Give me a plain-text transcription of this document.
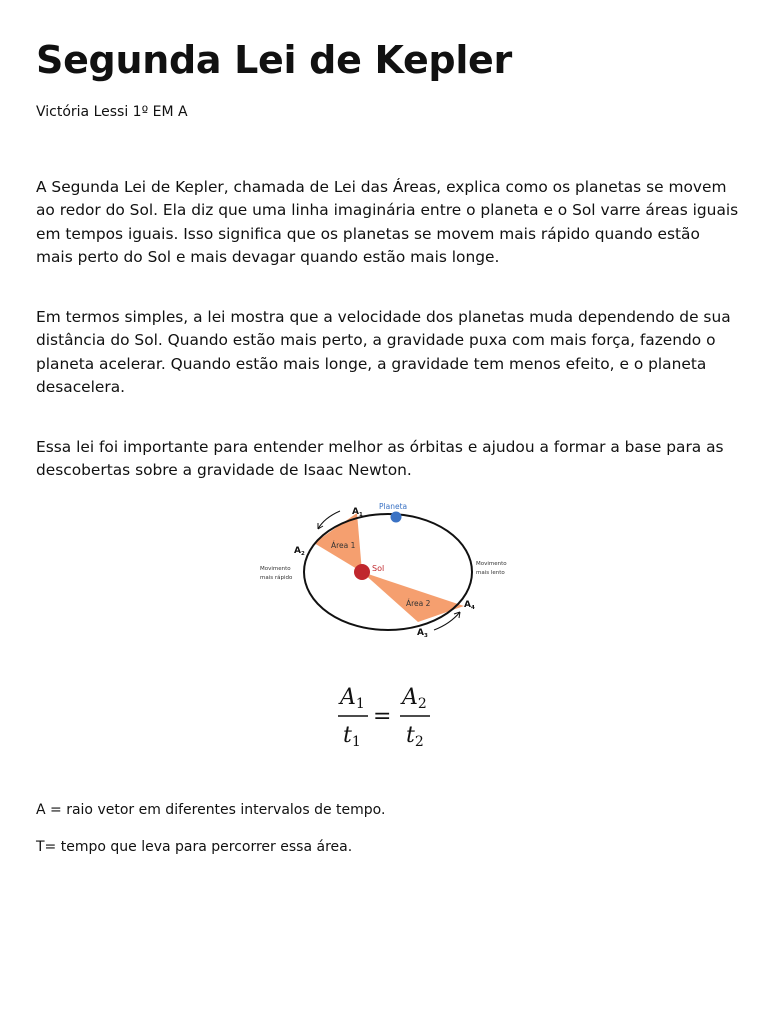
Segunda Lei de Kepler
Victória Lessi 1º EM A

A Segunda Lei de Kepler, chamada de Lei das Áreas, explica como os planetas se movem ao redor do Sol. Ela diz que uma linha imaginária entre o planeta e o Sol varre áreas iguais em tempos iguais. Isso significa que os planetas se movem mais rápido quando estão mais perto do Sol e mais devagar quando estão mais longe.

Em termos simples, a lei mostra que a velocidade dos planetas muda dependendo de sua distância do Sol. Quando estão mais perto, a gravidade puxa com mais força, fazendo o planeta acelerar. Quando estão mais longe, a gravidade tem menos efeito, e o planeta desacelera.

Essa lei foi importante para entender melhor as órbitas e ajudou a formar a base para as descobertas sobre a gravidade de Isaac Newton.

Planeta
Sol
Área 1
Área 2
$A_1$
$A_2$
$A_3$
$A_4$
Movimento
mais rápido
Movimento
mais lento
A1
t1
=
A2
t2

A = raio vetor em diferentes intervalos de tempo.

T= tempo que leva para percorrer essa área.
